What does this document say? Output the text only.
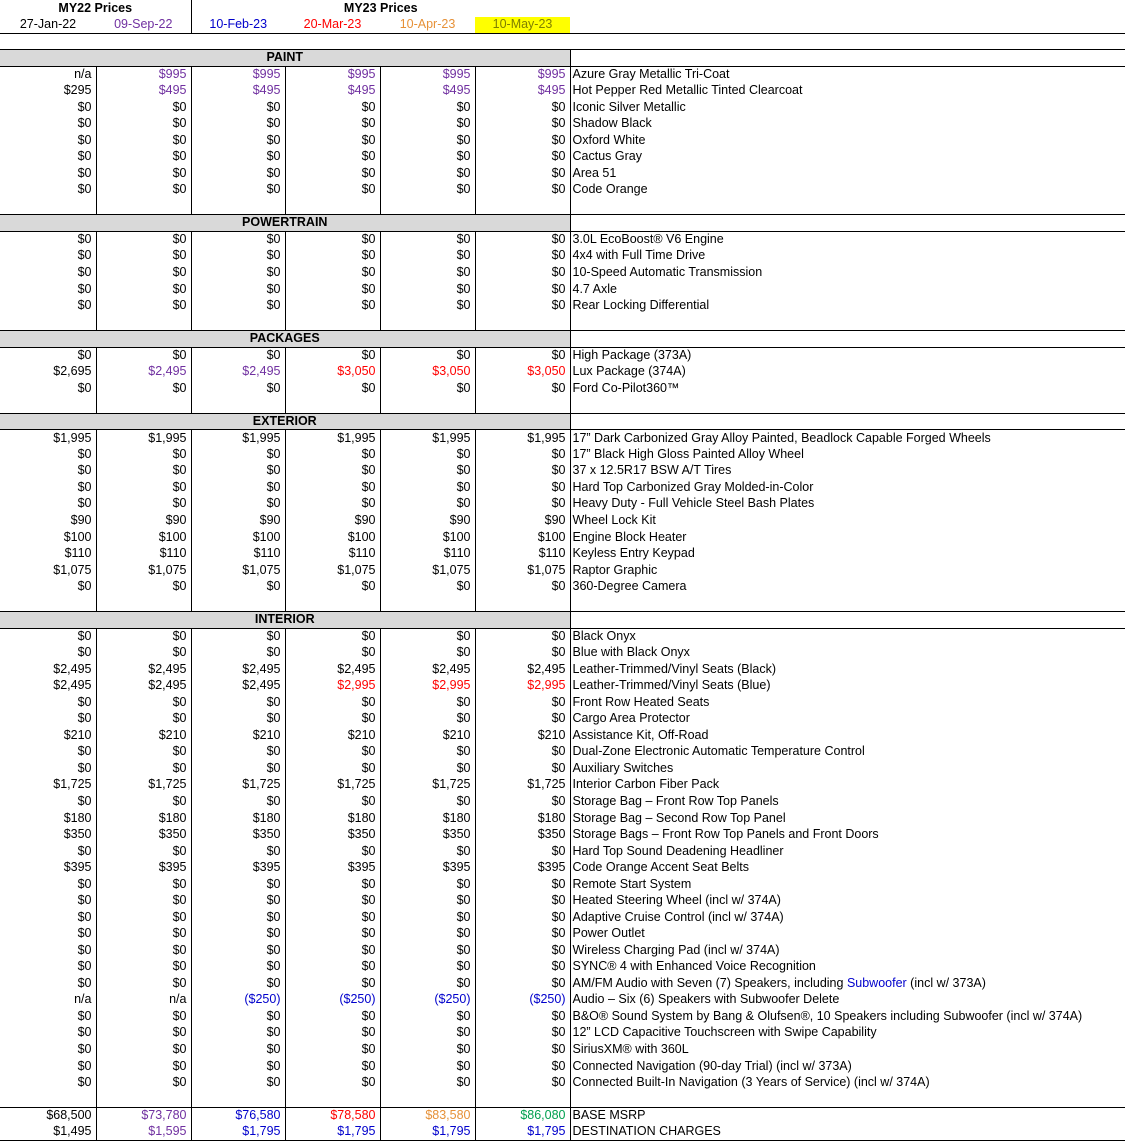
MY22 Prices		MY23 Prices				
27-Jan-22	09-Sep-22	10-Feb-23	20-Mar-23	10-Apr-23	10-May-23	

PAINT						
n/a	$995	$995	$995	$995	$995	Azure Gray Metallic Tri-Coat
$295	$495	$495	$495	$495	$495	Hot Pepper Red Metallic Tinted Clearcoat
$0	$0	$0	$0	$0	$0	Iconic Silver Metallic
$0	$0	$0	$0	$0	$0	Shadow Black
$0	$0	$0	$0	$0	$0	Oxford White
$0	$0	$0	$0	$0	$0	Cactus Gray
$0	$0	$0	$0	$0	$0	Area 51
$0	$0	$0	$0	$0	$0	Code Orange

POWERTRAIN						
$0	$0	$0	$0	$0	$0	3.0L EcoBoost® V6 Engine
$0	$0	$0	$0	$0	$0	4x4 with Full Time Drive
$0	$0	$0	$0	$0	$0	10-Speed Automatic Transmission
$0	$0	$0	$0	$0	$0	4.7 Axle
$0	$0	$0	$0	$0	$0	Rear Locking Differential

PACKAGES						
$0	$0	$0	$0	$0	$0	High Package (373A)
$2,695	$2,495	$2,495	$3,050	$3,050	$3,050	Lux Package (374A)
$0	$0	$0	$0	$0	$0	Ford Co-Pilot360™

EXTERIOR						
$1,995	$1,995	$1,995	$1,995	$1,995	$1,995	17” Dark Carbonized Gray Alloy Painted, Beadlock Capable Forged Wheels
$0	$0	$0	$0	$0	$0	17” Black High Gloss Painted Alloy Wheel
$0	$0	$0	$0	$0	$0	37 x 12.5R17 BSW A/T Tires
$0	$0	$0	$0	$0	$0	Hard Top Carbonized Gray Molded-in-Color
$0	$0	$0	$0	$0	$0	Heavy Duty - Full Vehicle Steel Bash Plates
$90	$90	$90	$90	$90	$90	Wheel Lock Kit
$100	$100	$100	$100	$100	$100	Engine Block Heater
$110	$110	$110	$110	$110	$110	Keyless Entry Keypad
$1,075	$1,075	$1,075	$1,075	$1,075	$1,075	Raptor Graphic
$0	$0	$0	$0	$0	$0	360-Degree Camera

INTERIOR						
$0	$0	$0	$0	$0	$0	Black Onyx
$0	$0	$0	$0	$0	$0	Blue with Black Onyx
$2,495	$2,495	$2,495	$2,495	$2,495	$2,495	Leather-Trimmed/Vinyl Seats (Black)
$2,495	$2,495	$2,495	$2,995	$2,995	$2,995	Leather-Trimmed/Vinyl Seats (Blue)
$0	$0	$0	$0	$0	$0	Front Row Heated Seats
$0	$0	$0	$0	$0	$0	Cargo Area Protector
$210	$210	$210	$210	$210	$210	Assistance Kit, Off-Road
$0	$0	$0	$0	$0	$0	Dual-Zone Electronic Automatic Temperature Control
$0	$0	$0	$0	$0	$0	Auxiliary Switches
$1,725	$1,725	$1,725	$1,725	$1,725	$1,725	Interior Carbon Fiber Pack
$0	$0	$0	$0	$0	$0	Storage Bag – Front Row Top Panels
$180	$180	$180	$180	$180	$180	Storage Bag – Second Row Top Panel
$350	$350	$350	$350	$350	$350	Storage Bags – Front Row Top Panels and Front Doors
$0	$0	$0	$0	$0	$0	Hard Top Sound Deadening Headliner
$395	$395	$395	$395	$395	$395	Code Orange Accent Seat Belts
$0	$0	$0	$0	$0	$0	Remote Start System
$0	$0	$0	$0	$0	$0	Heated Steering Wheel (incl w/ 374A)
$0	$0	$0	$0	$0	$0	Adaptive Cruise Control (incl w/ 374A)
$0	$0	$0	$0	$0	$0	Power Outlet
$0	$0	$0	$0	$0	$0	Wireless Charging Pad (incl w/ 374A)
$0	$0	$0	$0	$0	$0	SYNC® 4 with Enhanced Voice Recognition
$0	$0	$0	$0	$0	$0	AM/FM Audio with Seven (7) Speakers, including Subwoofer (incl w/ 373A)
n/a	n/a	($250)	($250)	($250)	($250)	Audio – Six (6) Speakers with Subwoofer Delete
$0	$0	$0	$0	$0	$0	B&O® Sound System by Bang & Olufsen®, 10 Speakers including Subwoofer (incl w/ 374A)
$0	$0	$0	$0	$0	$0	12” LCD Capacitive Touchscreen with Swipe Capability
$0	$0	$0	$0	$0	$0	SiriusXM® with 360L
$0	$0	$0	$0	$0	$0	Connected Navigation (90-day Trial) (incl w/ 373A)
$0	$0	$0	$0	$0	$0	Connected Built-In Navigation (3 Years of Service) (incl w/ 374A)

$68,500	$73,780	$76,580	$78,580	$83,580	$86,080	BASE MSRP
$1,495	$1,595	$1,795	$1,795	$1,795	$1,795	DESTINATION CHARGES
